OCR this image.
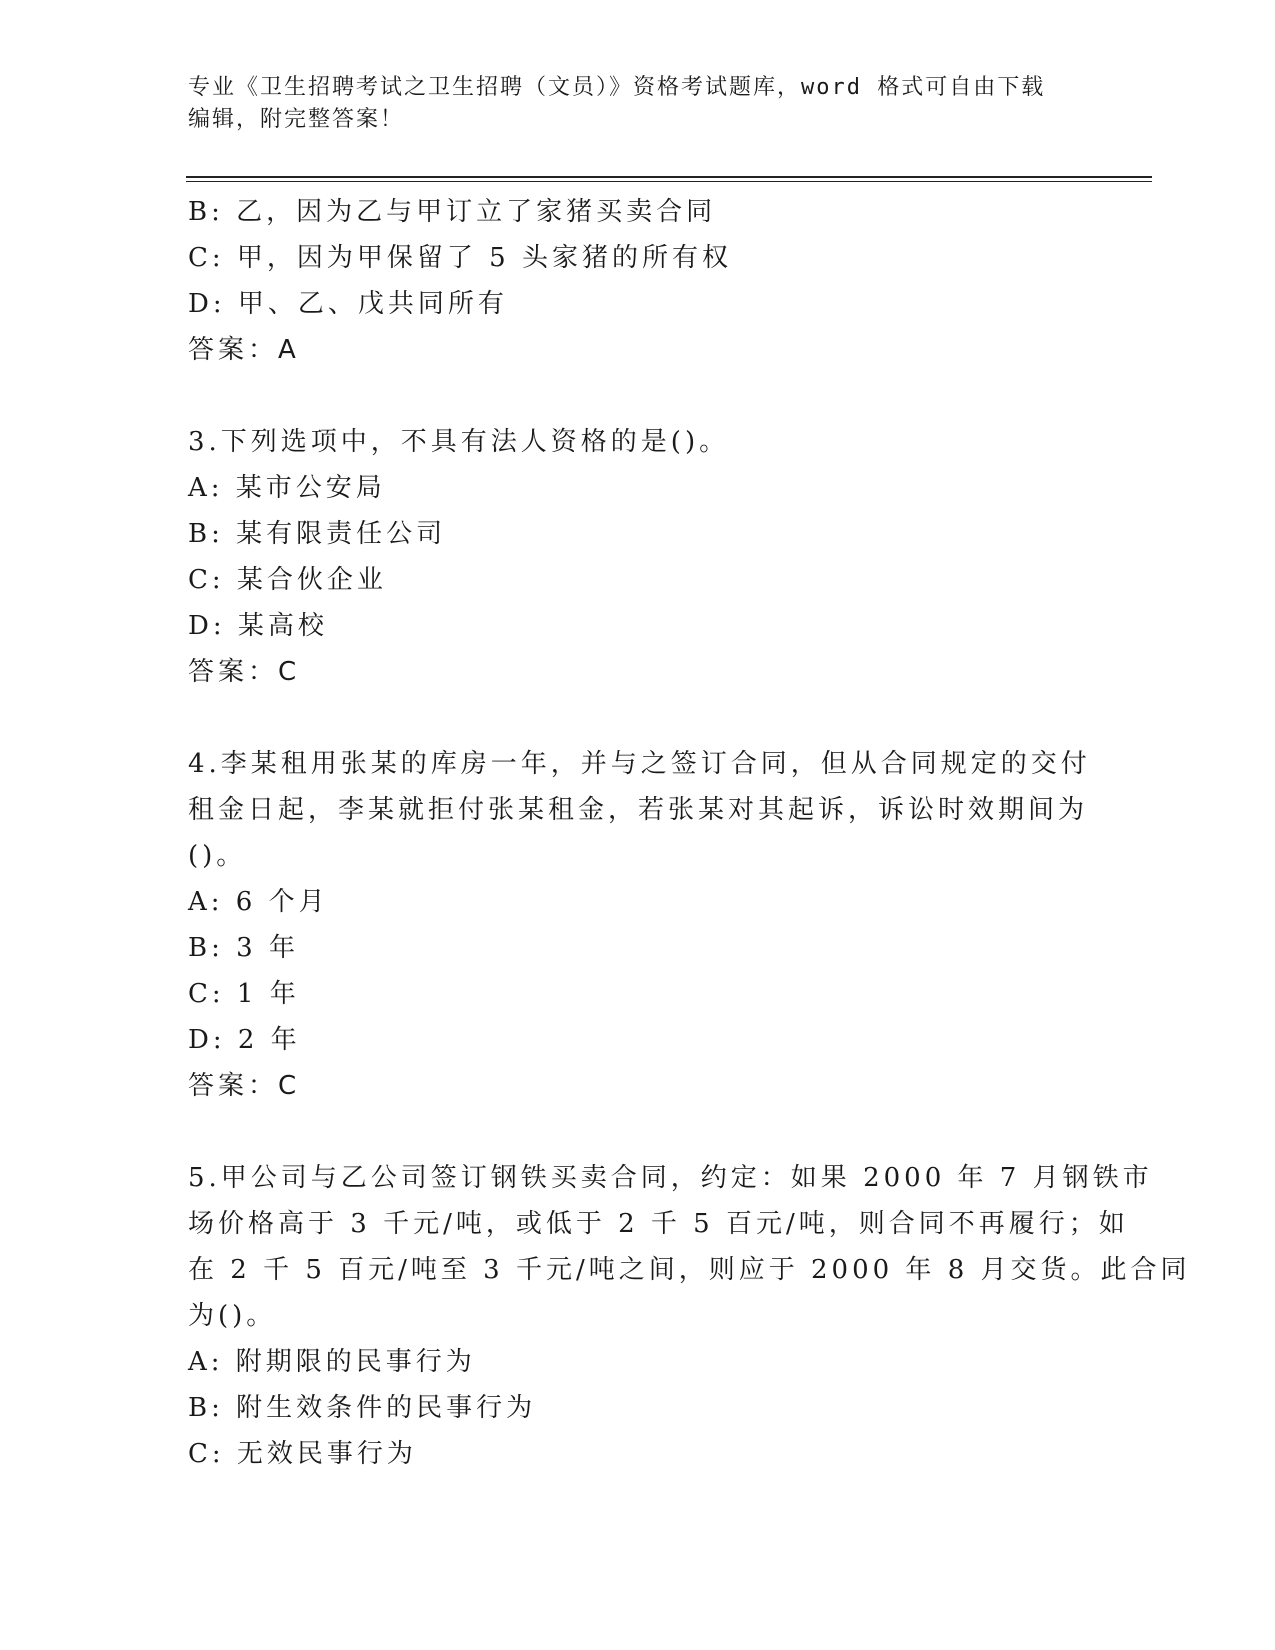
专业《卫生招聘考试之卫生招聘（文员）》资格考试题库，word 格式可自由下载
编辑，附完整答案！

B: 乙，因为乙与甲订立了家猪买卖合同

C: 甲，因为甲保留了 5 头家猪的所有权

D: 甲、乙、戊共同所有

答案：A

3.下列选项中，不具有法人资格的是()。

A: 某市公安局

B: 某有限责任公司

C: 某合伙企业

D: 某高校

答案：C

4.李某租用张某的库房一年，并与之签订合同，但从合同规定的交付

租金日起，李某就拒付张某租金，若张某对其起诉，诉讼时效期间为

()。

A: 6 个月

B: 3 年

C: 1 年

D: 2 年

答案：C

5.甲公司与乙公司签订钢铁买卖合同，约定：如果 2000 年 7 月钢铁市

场价格高于 3 千元/吨，或低于 2 千 5 百元/吨，则合同不再履行；如

在 2 千 5 百元/吨至 3 千元/吨之间，则应于 2000 年 8 月交货。此合同

为()。

A: 附期限的民事行为

B: 附生效条件的民事行为

C: 无效民事行为
